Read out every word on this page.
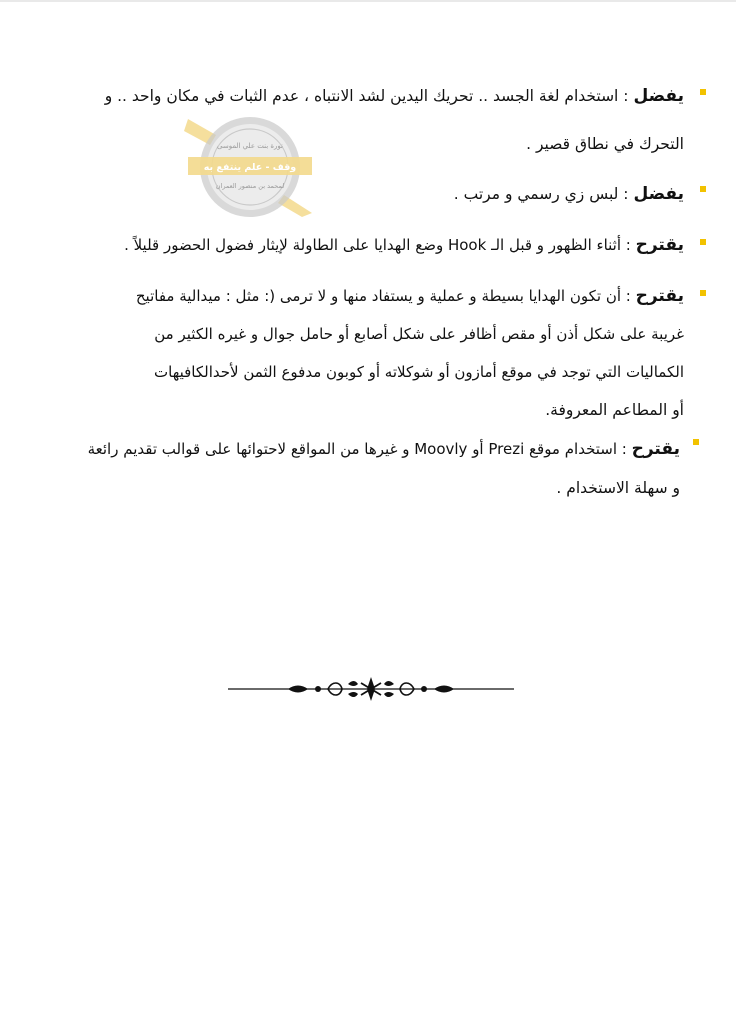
يفضل : استخدام لغة الجسد .. تحريك اليدين لشد الانتباه ، عدم الثبات في مكان واحد .. و
التحرك في نطاق قصير .
يفضل : لبس زي رسمي و مرتب .
يقترح : أثناء الظهور و قبل الـ Hook وضع الهدايا على الطاولة لإيثار فضول الحضور قليلاً .
يقترح : أن تكون الهدايا بسيطة و عملية و يستفاد منها و لا ترمى (: مثل : ميدالية مفاتيح
غريبة على شكل أذن أو مقص أظافر على شكل أصابع أو حامل جوال و غيره الكثير من
الكماليات التي توجد في موقع أمازون أو شوكلاته أو كوبون مدفوع الثمن لأحدالكافيهات
أو المطاعم المعروفة.
يقترح : استخدام موقع Prezi أو Moovly و غيرها من المواقع لاحتوائها على قوالب تقديم رائعة
و سهلة الاستخدام .
نورة بنت علي الموسى
وقف - علم ينتفع به
لمحمد بن منصور العمران
